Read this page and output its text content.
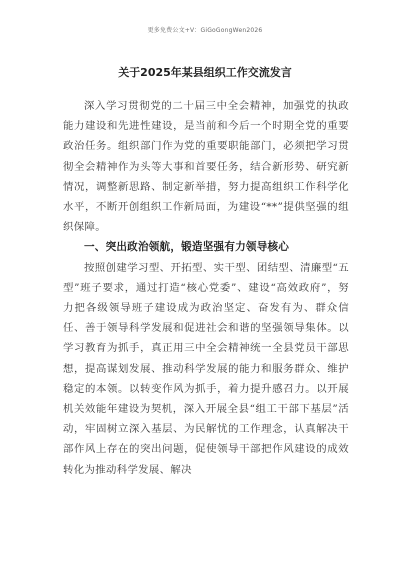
更多免费公文+V：GiGoGongWen2026
关于2025年某县组织工作交流发言

深入学习贯彻党的二十届三中全会精神，加强党的执政能力建设和先进性建设，是当前和今后一个时期全党的重要政治任务。组织部门作为党的重要职能部门，必须把学习贯彻全会精神作为头等大事和首要任务，结合新形势、研究新情况，调整新思路、制定新举措，努力提高组织工作科学化水平，不断开创组织工作新局面，为建设“**”提供坚强的组织保障。

一、突出政治领航，锻造坚强有力领导核心

按照创建学习型、开拓型、实干型、团结型、清廉型“五型”班子要求，通过打造“核心党委”、建设“高效政府”，努力把各级领导班子建设成为政治坚定、奋发有为、群众信任、善于领导科学发展和促进社会和谐的坚强领导集体。以学习教育为抓手，真正用三中全会精神统一全县党员干部思想，提高谋划发展、推动科学发展的能力和服务群众、维护稳定的本领。以转变作风为抓手，着力提升感召力。以开展机关效能年建设为契机，深入开展全县“组工干部下基层”活动，牢固树立深入基层、为民解忧的工作理念，认真解决干部作风上存在的突出问题，促使领导干部把作风建设的成效转化为推动科学发展、解决
